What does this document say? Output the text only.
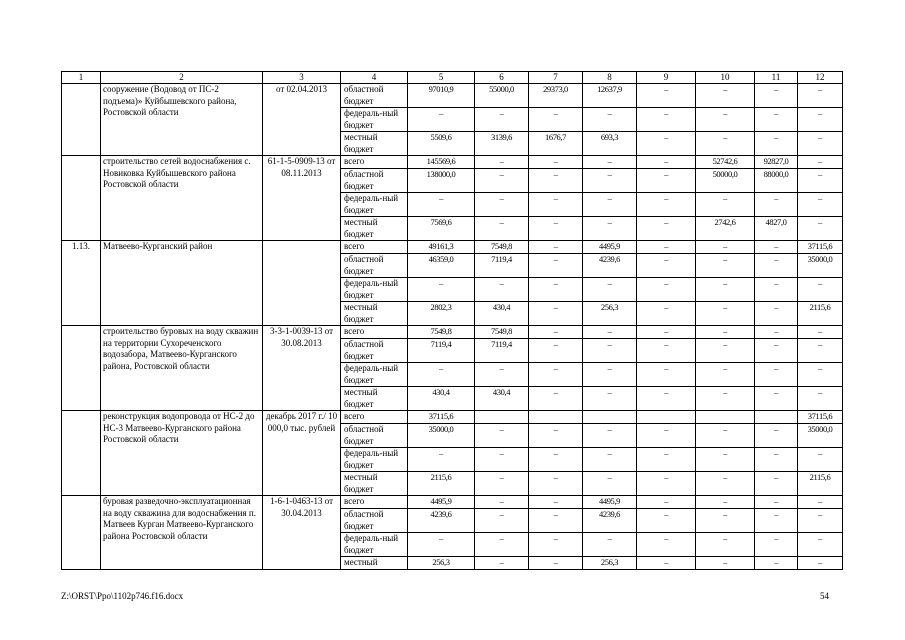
1	2	3	4	5	6	7	8	9	10	11	12
	сооружение (Водовод от ПС-2 подъема)» Куйбышевского района, Ростовской области	от 02.04.2013	областной бюджет	97010,9	55000,0	29373,0	12637,9	–	–	–	–
			федераль-ный бюджет	–	–	–	–	–	–	–	–
			местный бюджет	5509,6	3139,6	1676,7	693,3	–	–	–	–
	строительство сетей водоснабжения с. Новиковка Куйбышевского района Ростовской области	61-1-5-0909-13 от 08.11.2013	всего	145569,6	–	–	–	–	52742,6	92827,0	–
			областной бюджет	138000,0	–	–	–	–	50000,0	88000,0	–
			федераль-ный бюджет	–	–	–	–	–	–	–	–
			местный бюджет	7569,6	–	–	–	–	2742,6	4827,0	–
1.13.	Матвеево-Курганский район		всего	49161,3	7549,8	–	4495,9	–	–	–	37115,6
			областной бюджет	46359,0	7119,4	–	4239,6	–	–	–	35000,0
			федераль-ный бюджет	–	–	–	–	–	–	–	–
			местный бюджет	2802,3	430,4	–	256,3	–	–	–	2115,6
	строительство буровых на воду скважин на территории Сухореченского водозабора, Матвеево-Курганского района, Ростовской области	3-3-1-0039-13 от 30.08.2013	всего	7549,8	7549,8	–	–	–	–	–	–
			областной бюджет	7119,4	7119,4	–	–	–	–	–	–
			федераль-ный бюджет	–	–	–	–	–	–	–	–
			местный бюджет	430,4	430,4	–	–	–	–	–	–
	реконструкция водопровода от НС-2 до НС-3 Матвеево-Курганского района Ростовской области	декабрь 2017 г./ 10 000,0 тыс. рублей	всего	37115,6							37115,6
			областной бюджет	35000,0	–	–	–	–	–	–	35000,0
			федераль-ный бюджет	–	–	–	–	–	–	–	–
			местный бюджет	2115,6	–	–	–	–	–	–	2115,6
	буровая разведочно-эксплуатационная на воду скважина для водоснабжения п. Матвеев Курган Матвеево-Курганского района Ростовской области	1-6-1-0463-13 от 30.04.2013	всего	4495,9	–	–	4495,9	–	–	–	–
			областной бюджет	4239,6	–	–	4239,6	–	–	–	–
			федераль-ный бюджет	–	–	–	–	–	–	–	–
			местный	256,3	–	–	256,3	–	–	–	–
Z:\ORST\Ppo\1102p746.f16.docx	54
